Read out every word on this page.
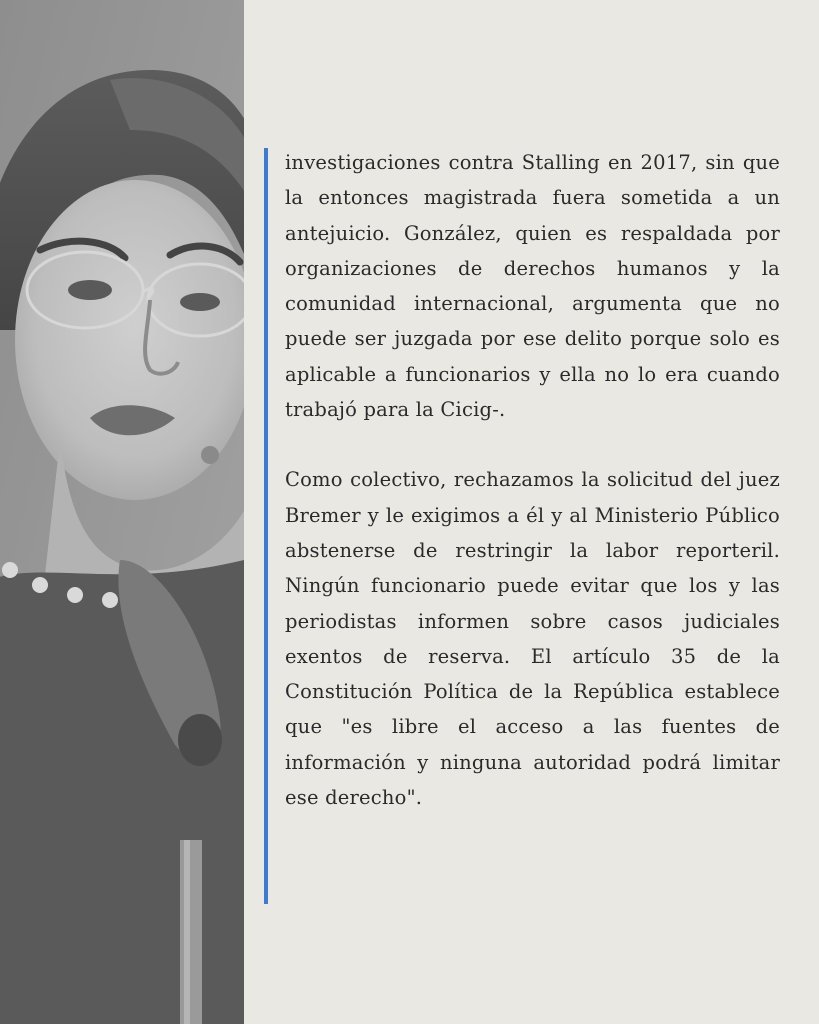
investigaciones contra Stalling en 2017, sin que la entonces magistrada fuera sometida a un antejuicio. González, quien es respaldada por organizaciones de derechos humanos y la comunidad internacional, argumenta que no puede ser juzgada por ese delito porque solo es aplicable a funcionarios y ella no lo era cuando trabajó para la Cicig-.

Como colectivo, rechazamos la solicitud del juez Bremer y le exigimos a él y al Ministerio Público abstenerse de restringir la labor reporteril. Ningún funcionario puede evitar que los y las periodistas informen sobre casos judiciales exentos de reserva. El artículo 35 de la Constitución Política de la República establece que "es libre el acceso a las fuentes de información y ninguna autoridad podrá limitar ese derecho".
